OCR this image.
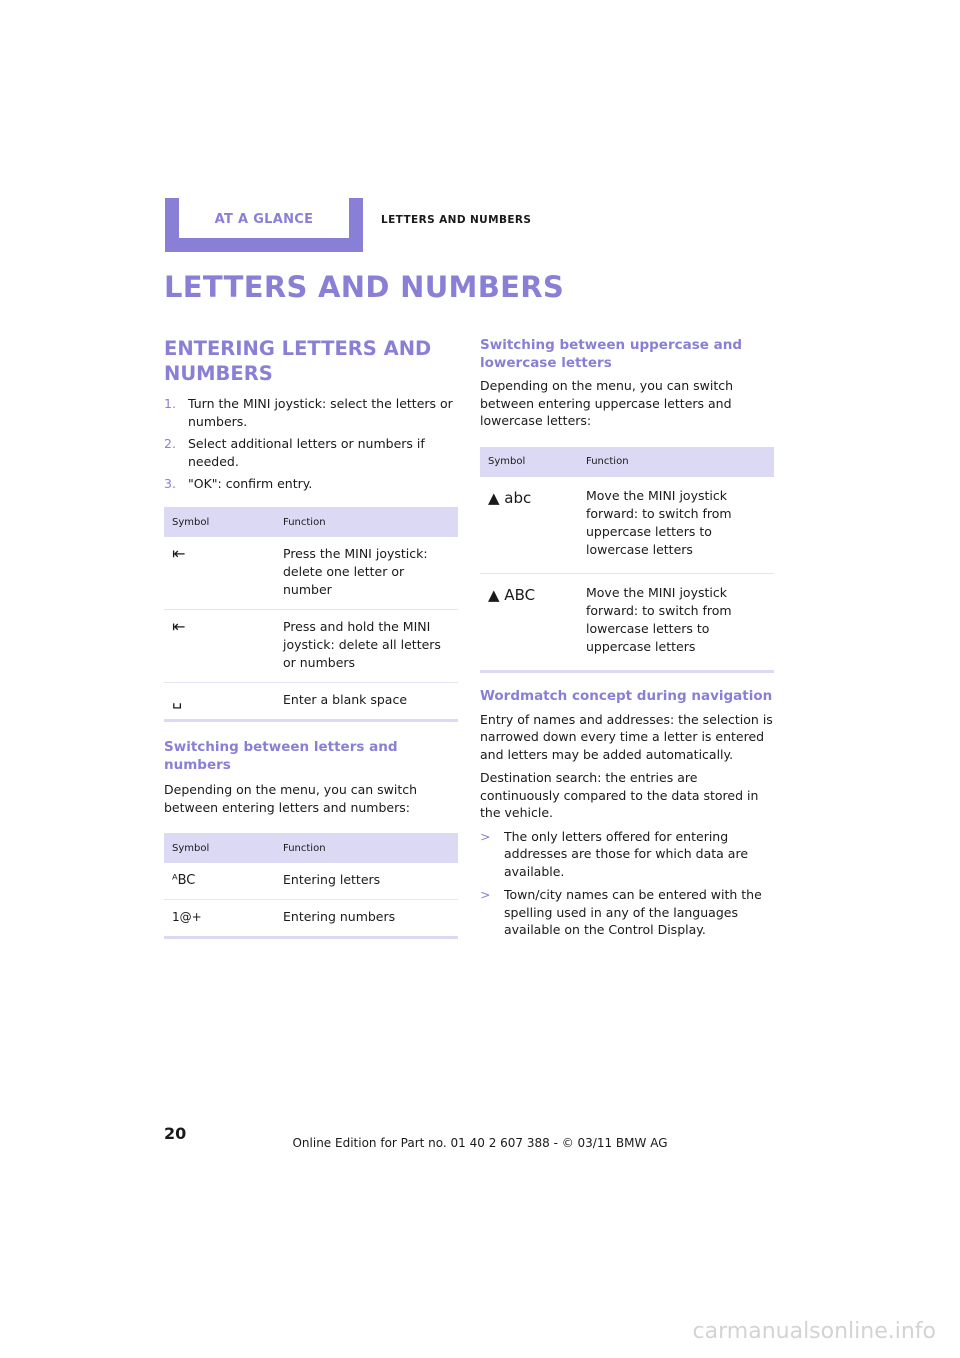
AT A GLANCE	LETTERS AND NUMBERS
LETTERS AND NUMBERS
ENTERING LETTERS AND NUMBERS
1. Turn the MINI joystick: select the letters or numbers.
2. Select additional letters or numbers if needed.
3. "OK": confirm entry.
Symbol	Function
⇤	Press the MINI joystick: delete one letter or number
⇤	Press and hold the MINI joystick: delete all letters or numbers
␣	Enter a blank space
Switching between letters and numbers

Depending on the menu, you can switch between entering letters and numbers:

Symbol	Function
ᴬBC	Entering letters
1@+	Entering numbers
Switching between uppercase and lowercase letters

Depending on the menu, you can switch between entering uppercase letters and lowercase letters:

Symbol	Function
▲ abc	Move the MINI joystick forward: to switch from uppercase letters to lowercase letters
▲ ABC	Move the MINI joystick forward: to switch from lowercase letters to uppercase letters
Wordmatch concept during navigation

Entry of names and addresses: the selection is narrowed down every time a letter is entered and letters may be added automatically.

Destination search: the entries are continuously compared to the data stored in the vehicle.

> The only letters offered for entering addresses are those for which data are available.
> Town/city names can be entered with the spelling used in any of the languages available on the Control Display.
20	Online Edition for Part no. 01 40 2 607 388 - © 03/11 BMW AG
carmanualsonline.info
